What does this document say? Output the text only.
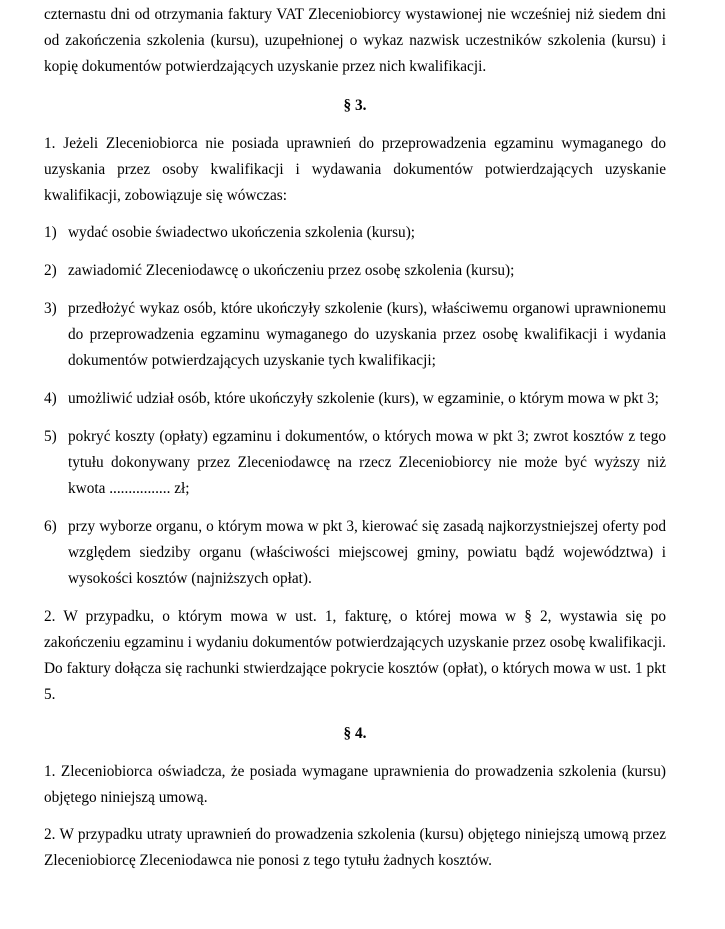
czternastu dni od otrzymania faktury VAT Zleceniobiorcy wystawionej nie wcześniej niż siedem dni od zakończenia szkolenia (kursu), uzupełnionej o wykaz nazwisk uczestników szkolenia (kursu) i kopię dokumentów potwierdzających uzyskanie przez nich kwalifikacji.

§ 3.

1. Jeżeli Zleceniobiorca nie posiada uprawnień do przeprowadzenia egzaminu wymaganego do uzyskania przez osoby kwalifikacji i wydawania dokumentów potwierdzających uzyskanie kwalifikacji, zobowiązuje się wówczas:

1) wydać osobie świadectwo ukończenia szkolenia (kursu);
2) zawiadomić Zleceniodawcę o ukończeniu przez osobę szkolenia (kursu);
3) przedłożyć wykaz osób, które ukończyły szkolenie (kurs), właściwemu organowi uprawnionemu do przeprowadzenia egzaminu wymaganego do uzyskania przez osobę kwalifikacji i wydania dokumentów potwierdzających uzyskanie tych kwalifikacji;
4) umożliwić udział osób, które ukończyły szkolenie (kurs), w egzaminie, o którym mowa w pkt 3;
5) pokryć koszty (opłaty) egzaminu i dokumentów, o których mowa w pkt 3; zwrot kosztów z tego tytułu dokonywany przez Zleceniodawcę na rzecz Zleceniobiorcy nie może być wyższy niż kwota ................ zł;
6) przy wyborze organu, o którym mowa w pkt 3, kierować się zasadą najkorzystniejszej oferty pod względem siedziby organu (właściwości miejscowej gminy, powiatu bądź województwa) i wysokości kosztów (najniższych opłat).

2. W przypadku, o którym mowa w ust. 1, fakturę, o której mowa w § 2, wystawia się po zakończeniu egzaminu i wydaniu dokumentów potwierdzających uzyskanie przez osobę kwalifikacji. Do faktury dołącza się rachunki stwierdzające pokrycie kosztów (opłat), o których mowa w ust. 1 pkt 5.

§ 4.

1. Zleceniobiorca oświadcza, że posiada wymagane uprawnienia do prowadzenia szkolenia (kursu) objętego niniejszą umową.

2. W przypadku utraty uprawnień do prowadzenia szkolenia (kursu) objętego niniejszą umową przez Zleceniobiorcę Zleceniodawca nie ponosi z tego tytułu żadnych kosztów.
